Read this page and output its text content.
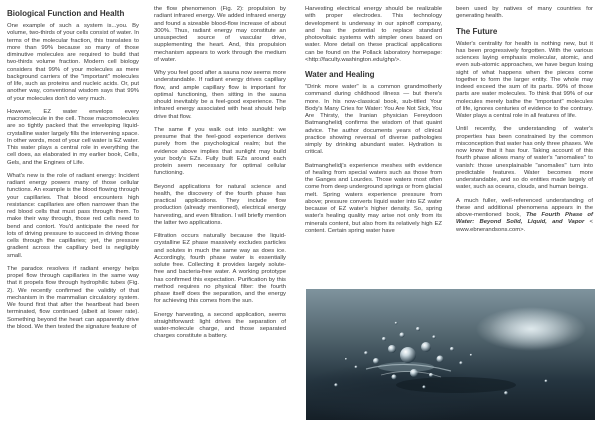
Biological Function and Health

One example of such a system is...you. By volume, two-thirds of your cells consist of water. In terms of the molecular fraction, this translates to more than 99% because so many of those diminutive molecules are required to build that two-thirds volume fraction. Modern cell biology considers that 99% of your molecules as mere background carriers of the "important" molecules of life, such as proteins and nucleic acids. Or, put another way, conventional wisdom says that 99% of your molecules don't do very much.

However, EZ water envelops every macromolecule in the cell. Those macromolecules are so tightly packed that the enveloping liquid-crystalline water largely fills the intervening space. In other words, most of your cell water is EZ water. This water plays a central role in everything the cell does, as elaborated in my earlier book, Cells, Gels, and the Engines of Life.

What's new is the role of radiant energy: Incident radiant energy powers many of those cellular functions. An example is the blood flowing through your capillaries. That blood encounters high resistance: capillaries are often narrower than the red blood cells that must pass through them. To make their way through, those red cells need to bend and contort. You'd anticipate the need for lots of driving pressure to succeed in driving those cells through the capillaries; yet, the pressure gradient across the capillary bed is negligibly small.

The paradox resolves if radiant energy helps propel flow through capillaries in the same way that it propels flow through hydrophilic tubes (Fig. 2). We recently confirmed the validity of that mechanism in the mammalian circulatory system. We found first that after the heartbeat had been terminated, flow continued (albeit at lower rate). Something beyond the heart can apparently drive the blood. We then tested the signature feature of

the flow phenomenon (Fig. 2): propulsion by radiant infrared energy. We added infrared energy and found a sizeable blood-flow increase of about 300%. Thus, radiant energy may constitute an unsuspected source of vascular drive, supplementing the heart. And, this propulsion mechanism appears to work through the medium of water.

Why you feel good after a sauna now seems more understandable. If radiant energy drives capillary flow, and ample capillary flow is important for optimal functioning, then sitting in the sauna should inevitably be a feel-good experience. The infrared energy associated with heat should help drive that flow.

The same if you walk out into sunlight: we presume that the feel-good experience derives purely from the psychological realm; but the evidence above implies that sunlight may build your body's EZs. Fully built EZs around each protein seem necessary for optimal cellular functioning.

Beyond applications for natural science and health, the discovery of the fourth phase has practical applications. They include flow production (already mentioned), electrical energy harvesting, and even filtration. I will briefly mention the latter two applications.

Filtration occurs naturally because the liquid-crystalline EZ phase massively excludes particles and solutes in much the same way as does ice. Accordingly, fourth phase water is essentially solute free. Collecting it provides largely solute-free and bacteria-free water. A working prototype has confirmed this expectation. Purification by this method requires no physical filter: the fourth phase itself does the separation, and the energy for achieving this comes from the sun.

Energy harvesting, a second application, seems straightforward: light drives the separation of water-molecule charge, and those separated charges constitute a battery.

Harvesting electrical energy should be realizable with proper electrodes. This technology development is underway in our spinoff company, and has the potential to replace standard photovoltaic systems with simpler ones based on water. More detail on these practical applications can be found on the Pollack laboratory homepage: <http://faculty.washington.edu/ghp/>.

Water and Healing

"Drink more water" is a common grandmotherly command during childhood illness — but there's more. In his now-classical book, sub-titled Your Body's Many Cries for Water: You Are Not Sick, You Are Thirsty, the Iranian physician Fereydoon Batmanghelidj confirms the wisdom of that quaint advice. The author documents years of clinical practice showing reversal of diverse pathologies simply by drinking abundant water. Hydration is critical.

Batmanghelidj's experience meshes with evidence of healing from special waters such as those from the Ganges and Lourdes. Those waters most often come from deep underground springs or from glacial melt. Spring waters experience pressure from above; pressure converts liquid water into EZ water because of EZ water's higher density. So, spring water's healing quality may arise not only from its minerals content, but also from its relatively high EZ content. Certain spring water have

been used by natives of many countries for generating health.

The Future

Water's centrality for health is nothing new, but it has been progressively forgotten. With the various sciences laying emphasis molecular, atomic, and even sub-atomic approaches, we have begun losing sight of what happens when the pieces come together to form the larger entity. The whole may indeed exceed the sum of its parts. 99% of those parts are water molecules. To think that 99% of our molecules merely bathe the "important" molecules of life, ignores centuries of evidence to the contrary. Water plays a central role in all features of life.

Until recently, the understanding of water's properties has been constrained by the common misconception that water has only three phases. We now know that it has four. Taking account of this fourth phase allows many of water's "anomalies" to vanish: those unexplainable "anomalies" turn into predictable features. Water becomes more understandable, and so do entities made largely of water, such as oceans, clouds, and human beings.

A much fuller, well-referenced understanding of these and additional phenomena appears in the above-mentioned book, The Fourth Phase of Water: Beyond Solid, Liquid, and Vapor < www.ebnerandsons.com>.
